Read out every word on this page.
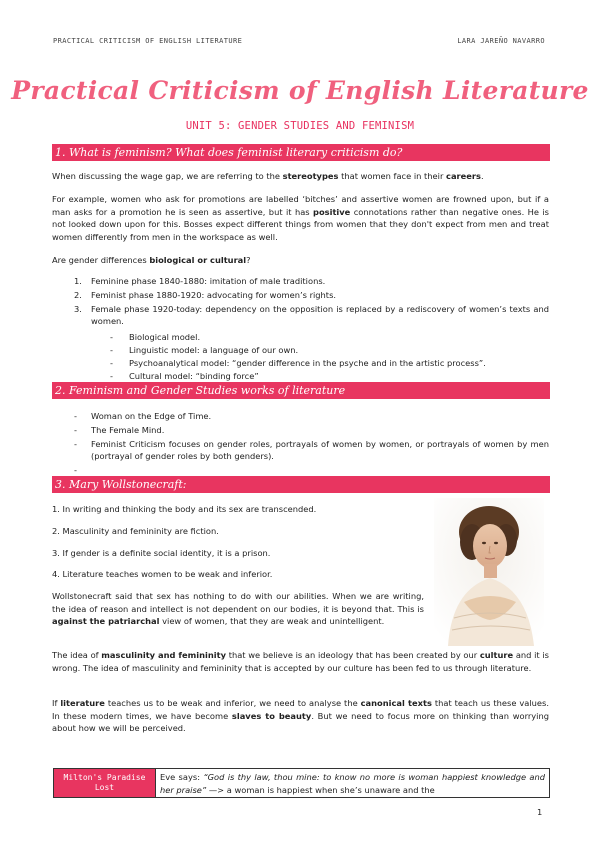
PRACTICAL CRITICISM OF ENGLISH LITERATURE	LARA JAREÑO NAVARRO
Practical Criticism of English Literature
UNIT 5: GENDER STUDIES AND FEMINISM
1. What is feminism? What does feminist literary criticism do?
When discussing the wage gap, we are referring to the stereotypes that women face in their careers.
For example, women who ask for promotions are labelled ‘bitches’ and assertive women are frowned upon, but if a man asks for a promotion he is seen as assertive, but it has positive connotations rather than negative ones. He is not looked down upon for this. Bosses expect different things from women that they don't expect from men and treat women differently from men in the workspace as well.
Are gender differences biological or cultural?
1. Feminine phase 1840-1880: imitation of male traditions.
2. Feminist phase 1880-1920: advocating for women’s rights.
3. Female phase 1920-today: dependency on the opposition is replaced by a rediscovery of women’s texts and women.
- Biological model.
- Linguistic model: a language of our own.
- Psychoanalytical model: “gender difference in the psyche and in the artistic process”.
- Cultural model: “binding force”
2. Feminism and Gender Studies works of literature
- Woman on the Edge of Time.
- The Female Mind.
- Feminist Criticism focuses on gender roles, portrayals of women by women, or portrayals of women by men (portrayal of gender roles by both genders).
-
3. Mary Wollstonecraft:
1. In writing and thinking the body and its sex are transcended.
2. Masculinity and femininity are fiction.
3. If gender is a definite social identity, it is a prison.
4. Literature teaches women to be weak and inferior.
Wollstonecraft said that sex has nothing to do with our abilities. When we are writing, the idea of reason and intellect is not dependent on our bodies, it is beyond that. This is against the patriarchal view of women, that they are weak and unintelligent.
The idea of masculinity and femininity that we believe is an ideology that has been created by our culture and it is wrong. The idea of masculinity and femininity that is accepted by our culture has been fed to us through literature.
If literature teaches us to be weak and inferior, we need to analyse the canonical texts that teach us these values. In these modern times, we have become slaves to beauty. But we need to focus more on thinking than worrying about how we will be perceived.
Milton's Paradise Lost
Eve says: “God is thy law, thou mine: to know no more is woman happiest knowledge and her praise” —> a woman is happiest when she’s unaware and the
1
